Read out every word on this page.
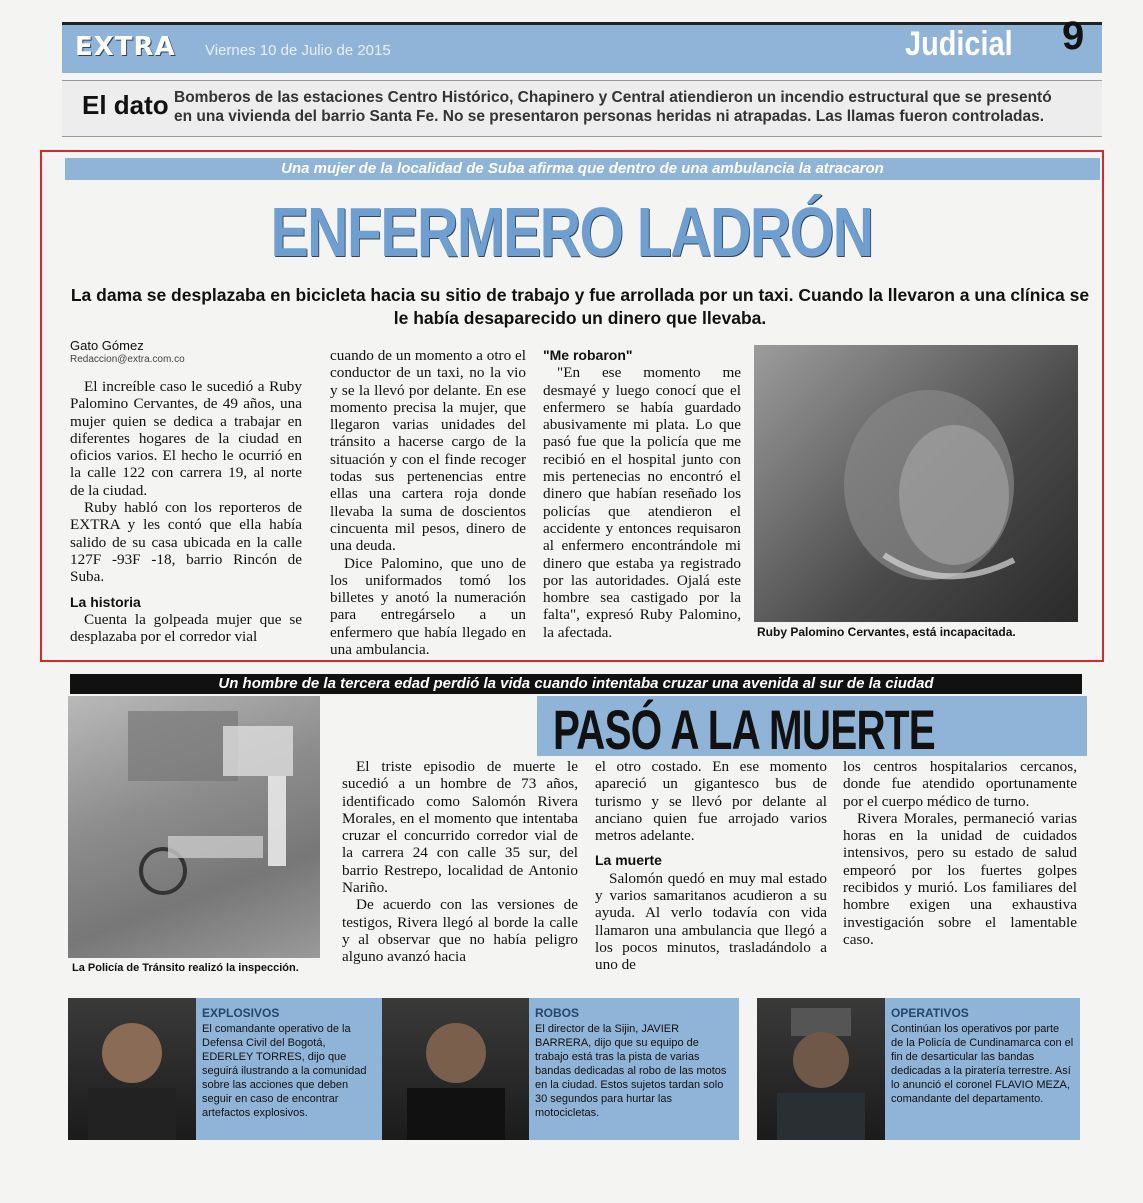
EXTRA Viernes 10 de Julio de 2015	Judicial 9
El dato Bomberos de las estaciones Centro Histórico, Chapinero y Central atiendieron un incendio estructural que se presentó en una vivienda del barrio Santa Fe. No se presentaron personas heridas ni atrapadas. Las llamas fueron controladas.
Una mujer de la localidad de Suba afirma que dentro de una ambulancia la atracaron
ENFERMERO LADRÓN
La dama se desplazaba en bicicleta hacia su sitio de trabajo y fue arrollada por un taxi. Cuando la llevaron a una clínica se le había desaparecido un dinero que llevaba.
Gato Gómez
Redaccion@extra.com.co

El increíble caso le sucedió a Ruby Palomino Cervantes, de 49 años, una mujer quien se dedica a trabajar en diferentes hogares de la ciudad en oficios varios. El hecho le ocurrió en la calle 122 con carrera 19, al norte de la ciudad.

Ruby habló con los reporteros de EXTRA y les contó que ella había salido de su casa ubicada en la calle 127F -93F -18, barrio Rincón de Suba.

La historia

Cuenta la golpeada mujer que se desplazaba por el corredor vial

cuando de un momento a otro el conductor de un taxi, no la vio y se la llevó por delante. En ese momento precisa la mujer, que llegaron varias unidades del tránsito a hacerse cargo de la situación y con el finde recoger todas sus pertenencias entre ellas una cartera roja donde llevaba la suma de doscientos cincuenta mil pesos, dinero de una deuda.

Dice Palomino, que uno de los uniformados tomó los billetes y anotó la numeración para entregárselo a un enfermero que había llegado en una ambulancia.

"Me robaron"

"En ese momento me desmayé y luego conocí que el enfermero se había guardado abusivamente mi plata. Lo que pasó fue que la policía que me recibió en el hospital junto con mis pertenecias no encontró el dinero que habían reseñado los policías que atendieron el accidente y entonces requisaron al enfermero encontrándole mi dinero que estaba ya registrado por las autoridades. Ojalá este hombre sea castigado por la falta", expresó Ruby Palomino, la afectada.	Ruby Palomino Cervantes, está incapacitada.
Un hombre de la tercera edad perdió la vida cuando intentaba cruzar una avenida al sur de la ciudad
PASÓ A LA MUERTE
La Policía de Tránsito realizó la inspección.

El triste episodio de muerte le sucedió a un hombre de 73 años, identificado como Salomón Rivera Morales, en el momento que intentaba cruzar el concurrido corredor vial de la carrera 24 con calle 35 sur, del barrio Restrepo, localidad de Antonio Nariño.

De acuerdo con las versiones de testigos, Rivera llegó al borde la calle y al observar que no había peligro alguno avanzó hacia

el otro costado. En ese momento apareció un gigantesco bus de turismo y se llevó por delante al anciano quien fue arrojado varios metros adelante.

La muerte

Salomón quedó en muy mal estado y varios samaritanos acudieron a su ayuda. Al verlo todavía con vida llamaron una ambulancia que llegó a los pocos minutos, trasladándolo a uno de

los centros hospitalarios cercanos, donde fue atendido oportunamente por el cuerpo médico de turno.

Rivera Morales, permaneció varias horas en la unidad de cuidados intensivos, pero su estado de salud empeoró por los fuertes golpes recibidos y murió. Los familiares del hombre exigen una exhaustiva investigación sobre el lamentable caso.

EXPLOSIVOS
El comandante operativo de la Defensa Civil del Bogotá, EDERLEY TORRES, dijo que seguirá ilustrando a la comunidad sobre las acciones que deben seguir en caso de encontrar artefactos explosivos.
ROBOS
El director de la Sijin, JAVIER BARRERA, dijo que su equipo de trabajo está tras la pista de varias bandas dedicadas al robo de las motos en la ciudad. Estos sujetos tardan solo 30 segundos para hurtar las motocicletas.
OPERATIVOS
Continúan los operativos por parte de la Policía de Cundinamarca con el fin de desarticular las bandas dedicadas a la piratería terrestre. Así lo anunció el coronel FLAVIO MEZA, comandante del departamento.
